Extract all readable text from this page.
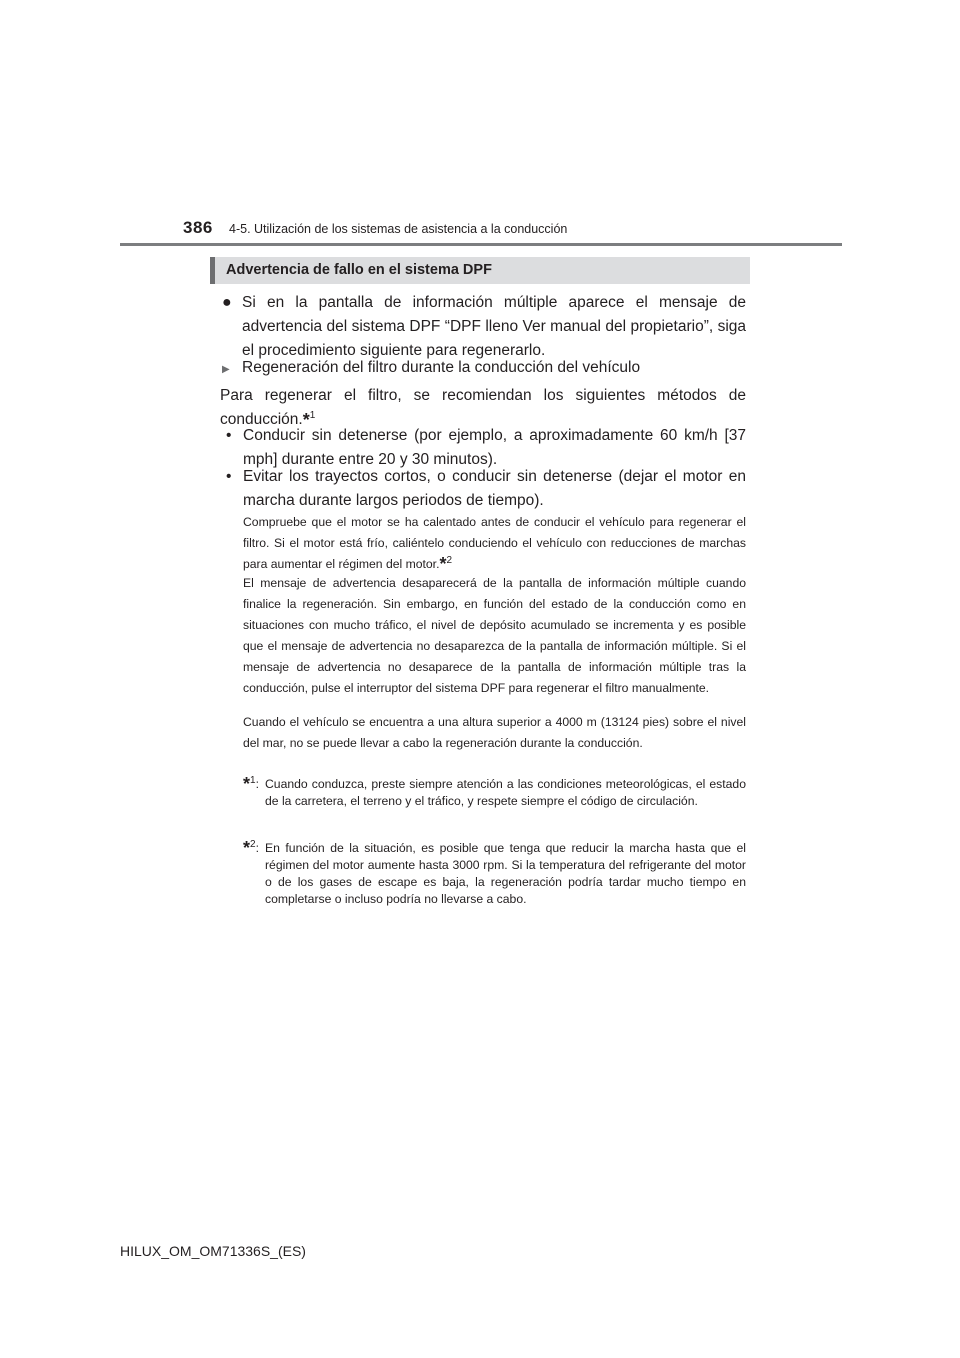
386 4-5. Utilización de los sistemas de asistencia a la conducción
Advertencia de fallo en el sistema DPF
● Si en la pantalla de información múltiple aparece el mensaje de advertencia del sistema DPF “DPF lleno Ver manual del propietario”, siga el procedimiento siguiente para regenerarlo.
▶ Regeneración del filtro durante la conducción del vehículo
Para regenerar el filtro, se recomiendan los siguientes métodos de conducción.*$^1$
• Conducir sin detenerse (por ejemplo, a aproximadamente 60 km/h [37 mph] durante entre 20 y 30 minutos).
• Evitar los trayectos cortos, o conducir sin detenerse (dejar el motor en marcha durante largos periodos de tiempo).
Compruebe que el motor se ha calentado antes de conducir el vehículo para regenerar el filtro. Si el motor está frío, caliéntelo conduciendo el vehículo con reducciones de marchas para aumentar el régimen del motor.*$^2$
El mensaje de advertencia desaparecerá de la pantalla de información múltiple cuando finalice la regeneración. Sin embargo, en función del estado de la conducción como en situaciones con mucho tráfico, el nivel de depósito acumulado se incrementa y es posible que el mensaje de advertencia no desaparezca de la pantalla de información múltiple. Si el mensaje de advertencia no desaparece de la pantalla de información múltiple tras la conducción, pulse el interruptor del sistema DPF para regenerar el filtro manualmente.
Cuando el vehículo se encuentra a una altura superior a 4000 m (13124 pies) sobre el nivel del mar, no se puede llevar a cabo la regeneración durante la conducción.
*$^1$: Cuando conduzca, preste siempre atención a las condiciones meteorológicas, el estado de la carretera, el terreno y el tráfico, y respete siempre el código de circulación.
*$^2$: En función de la situación, es posible que tenga que reducir la marcha hasta que el régimen del motor aumente hasta 3000 rpm. Si la temperatura del refrigerante del motor o de los gases de escape es baja, la regeneración podría tardar mucho tiempo en completarse o incluso podría no llevarse a cabo.
HILUX_OM_OM71336S_(ES)
